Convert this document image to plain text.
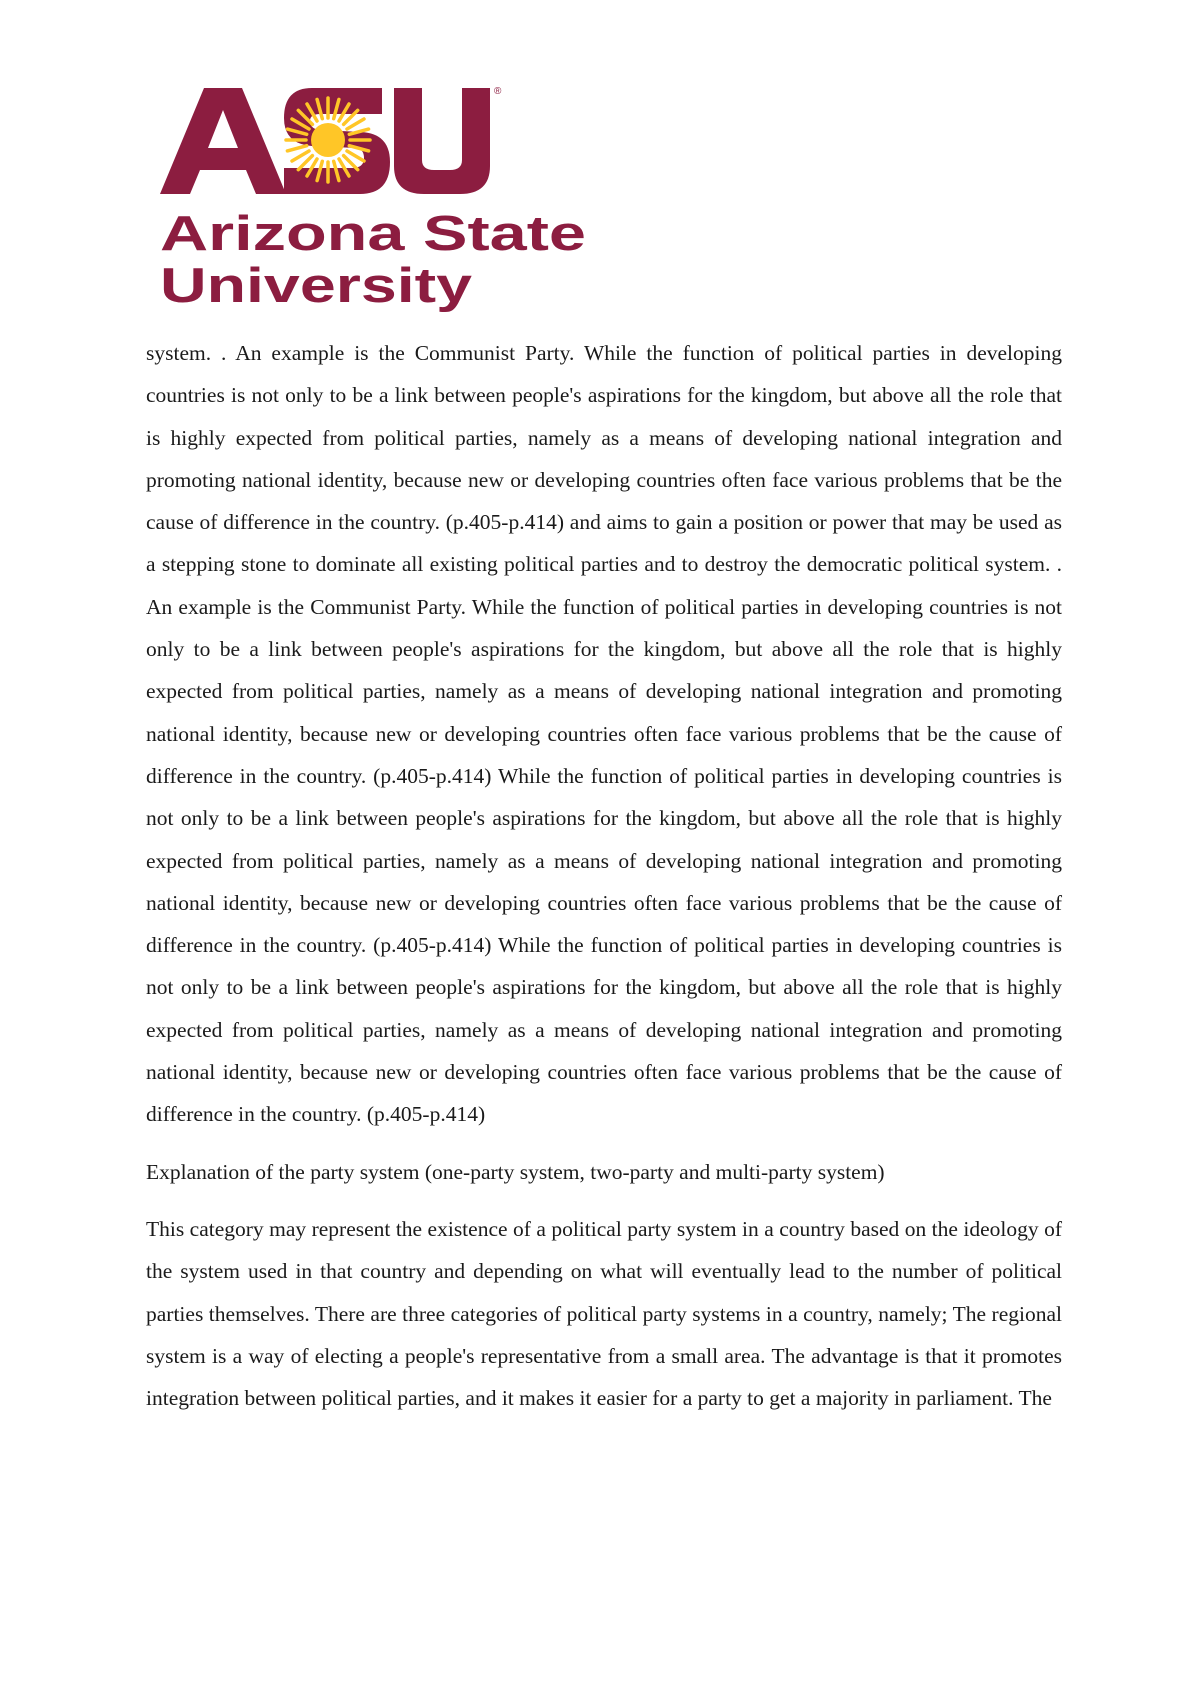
®
Arizona State
University

system. . An example is the Communist Party. While the function of political parties in developing countries is not only to be a link between people's aspirations for the kingdom, but above all the role that is highly expected from political parties, namely as a means of developing national integration and promoting national identity, because new or developing countries often face various problems that be the cause of difference in the country. (p.405-p.414) and aims to gain a position or power that may be used as a stepping stone to dominate all existing political parties and to destroy the democratic political system. . An example is the Communist Party. While the function of political parties in developing countries is not only to be a link between people's aspirations for the kingdom, but above all the role that is highly expected from political parties, namely as a means of developing national integration and promoting national identity, because new or developing countries often face various problems that be the cause of difference in the country. (p.405-p.414) While the function of political parties in developing countries is not only to be a link between people's aspirations for the kingdom, but above all the role that is highly expected from political parties, namely as a means of developing national integration and promoting national identity, because new or developing countries often face various problems that be the cause of difference in the country. (p.405-p.414) While the function of political parties in developing countries is not only to be a link between people's aspirations for the kingdom, but above all the role that is highly expected from political parties, namely as a means of developing national integration and promoting national identity, because new or developing countries often face various problems that be the cause of difference in the country. (p.405-p.414)

Explanation of the party system (one-party system, two-party and multi-party system)

This category may represent the existence of a political party system in a country based on the ideology of the system used in that country and depending on what will eventually lead to the number of political parties themselves. There are three categories of political party systems in a country, namely; The regional system is a way of electing a people's representative from a small area. The advantage is that it promotes integration between political parties, and it makes it easier for a party to get a majority in parliament. The
